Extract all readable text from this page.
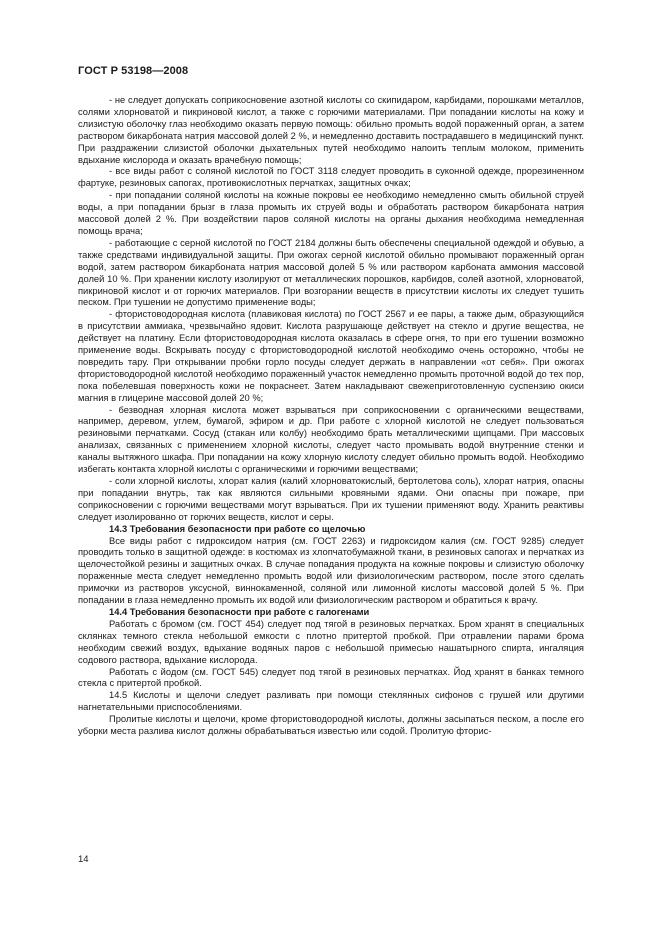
ГОСТ Р 53198—2008

- не следует допускать соприкосновение азотной кислоты со скипидаром, карбидами, порошками металлов, солями хлорноватой и пикриновой кислот, а также с горючими материалами. При попадании кислоты на кожу и слизистую оболочку глаз необходимо оказать первую помощь: обильно промыть водой пораженный орган, а затем раствором бикарбоната натрия массовой долей 2 %, и немедленно доставить пострадавшего в медицинский пункт. При раздражении слизистой оболочки дыхательных путей необходимо напоить теплым молоком, применить вдыхание кислорода и оказать врачебную помощь;

- все виды работ с соляной кислотой по ГОСТ 3118 следует проводить в суконной одежде, прорезиненном фартуке, резиновых сапогах, противокислотных перчатках, защитных очках;

- при попадании соляной кислоты на кожные покровы ее необходимо немедленно смыть обильной струей воды, а при попадании брызг в глаза промыть их струей воды и обработать раствором бикарбоната натрия массовой долей 2 %. При воздействии паров соляной кислоты на органы дыхания необходима немедленная помощь врача;

- работающие с серной кислотой по ГОСТ 2184 должны быть обеспечены специальной одеждой и обувью, а также средствами индивидуальной защиты. При ожогах серной кислотой обильно промывают пораженный орган водой, затем раствором бикарбоната натрия массовой долей 5 % или раствором карбоната аммония массовой долей 10 %. При хранении кислоту изолируют от металлических порошков, карбидов, солей азотной, хлорноватой, пикриновой кислот и от горючих материалов. При возгорании веществ в присутствии кислоты их следует тушить песком. При тушении не допустимо применение воды;

- фтористоводородная кислота (плавиковая кислота) по ГОСТ 2567 и ее пары, а также дым, образующийся в присутствии аммиака, чрезвычайно ядовит. Кислота разрушающе действует на стекло и другие вещества, не действует на платину. Если фтористоводородная кислота оказалась в сфере огня, то при его тушении возможно применение воды. Вскрывать посуду с фтористоводородной кислотой необходимо очень осторожно, чтобы не повредить тару. При открывании пробки горло посуды следует держать в направлении «от себя». При ожогах фтористоводородной кислотой необходимо пораженный участок немедленно промыть проточной водой до тех пор, пока побелевшая поверхность кожи не покраснеет. Затем накладывают свежеприготовленную суспензию окиси магния в глицерине массовой долей 20 %;

- безводная хлорная кислота может взрываться при соприкосновении с органическими веществами, например, деревом, углем, бумагой, эфиром и др. При работе с хлорной кислотой не следует пользоваться резиновыми перчатками. Сосуд (стакан или колбу) необходимо брать металлическими щипцами. При массовых анализах, связанных с применением хлорной кислоты, следует часто промывать водой внутренние стенки и каналы вытяжного шкафа. При попадании на кожу хлорную кислоту следует обильно промыть водой. Необходимо избегать контакта хлорной кислоты с органическими и горючими веществами;

- соли хлорной кислоты, хлорат калия (калий хлорноватокислый, бертолетова соль), хлорат натрия, опасны при попадании внутрь, так как являются сильными кровяными ядами. Они опасны при пожаре, при соприкосновении с горючими веществами могут взрываться. При их тушении применяют воду. Хранить реактивы следует изолированно от горючих веществ, кислот и серы.

14.3 Требования безопасности при работе со щелочью

Все виды работ с гидроксидом натрия (см. ГОСТ 2263) и гидроксидом калия (см. ГОСТ 9285) следует проводить только в защитной одежде: в костюмах из хлопчатобумажной ткани, в резиновых сапогах и перчатках из щелочестойкой резины и защитных очках. В случае попадания продукта на кожные покровы и слизистую оболочку пораженные места следует немедленно промыть водой или физиологическим раствором, после этого сделать примочки из растворов уксусной, виннокаменной, соляной или лимонной кислоты массовой долей 5 %. При попадании в глаза немедленно промыть их водой или физиологическим раствором и обратиться к врачу.

14.4 Требования безопасности при работе с галогенами

Работать с бромом (см. ГОСТ 454) следует под тягой в резиновых перчатках. Бром хранят в специальных склянках темного стекла небольшой емкости с плотно притертой пробкой. При отравлении парами брома необходим свежий воздух, вдыхание водяных паров с небольшой примесью нашатырного спирта, ингаляция содового раствора, вдыхание кислорода.

Работать с йодом (см. ГОСТ 545) следует под тягой в резиновых перчатках. Йод хранят в банках темного стекла с притертой пробкой.

14.5 Кислоты и щелочи следует разливать при помощи стеклянных сифонов с грушей или другими нагнетательными приспособлениями.

Пролитые кислоты и щелочи, кроме фтористоводородной кислоты, должны засыпаться песком, а после его уборки места разлива кислот должны обрабатываться известью или содой. Пролитую фторис-

14
